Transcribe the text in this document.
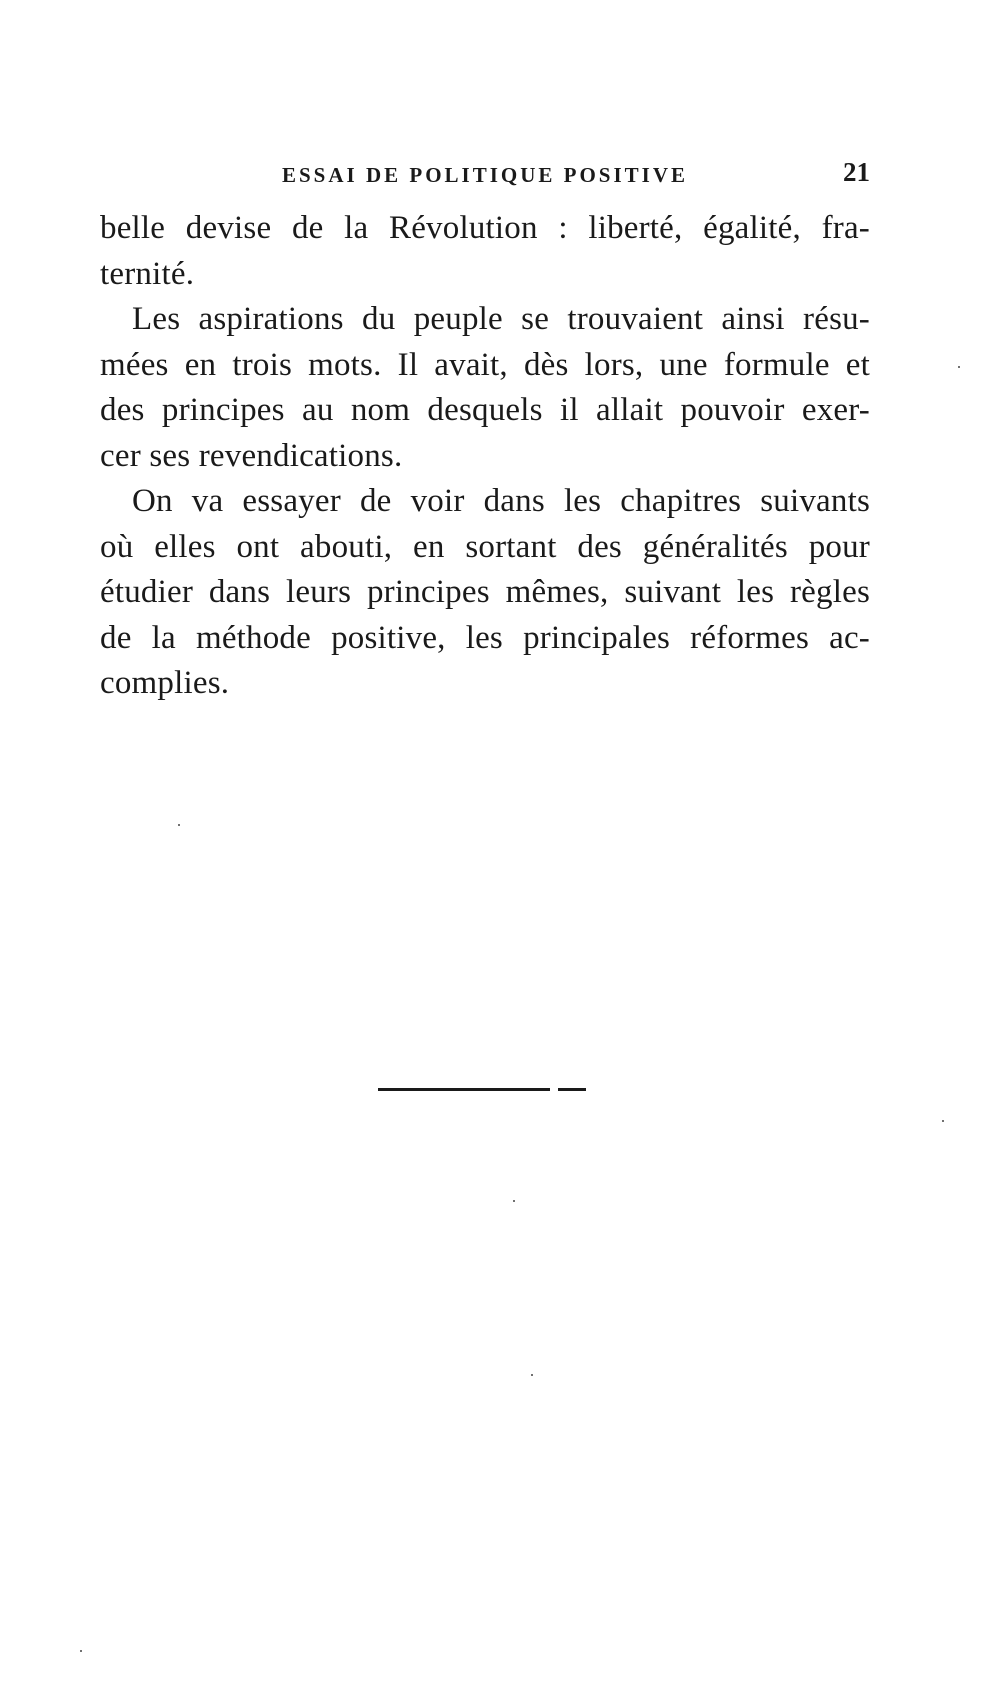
ESSAI DE POLITIQUE POSITIVE	21
belle devise de la Révolution : liberté, égalité, fra-
ternité.
Les aspirations du peuple se trouvaient ainsi résu-
mées en trois mots. Il avait, dès lors, une formule et
des principes au nom desquels il allait pouvoir exer-
cer ses revendications.
On va essayer de voir dans les chapitres suivants
où elles ont abouti, en sortant des généralités pour
étudier dans leurs principes mêmes, suivant les règles
de la méthode positive, les principales réformes ac-
complies.
